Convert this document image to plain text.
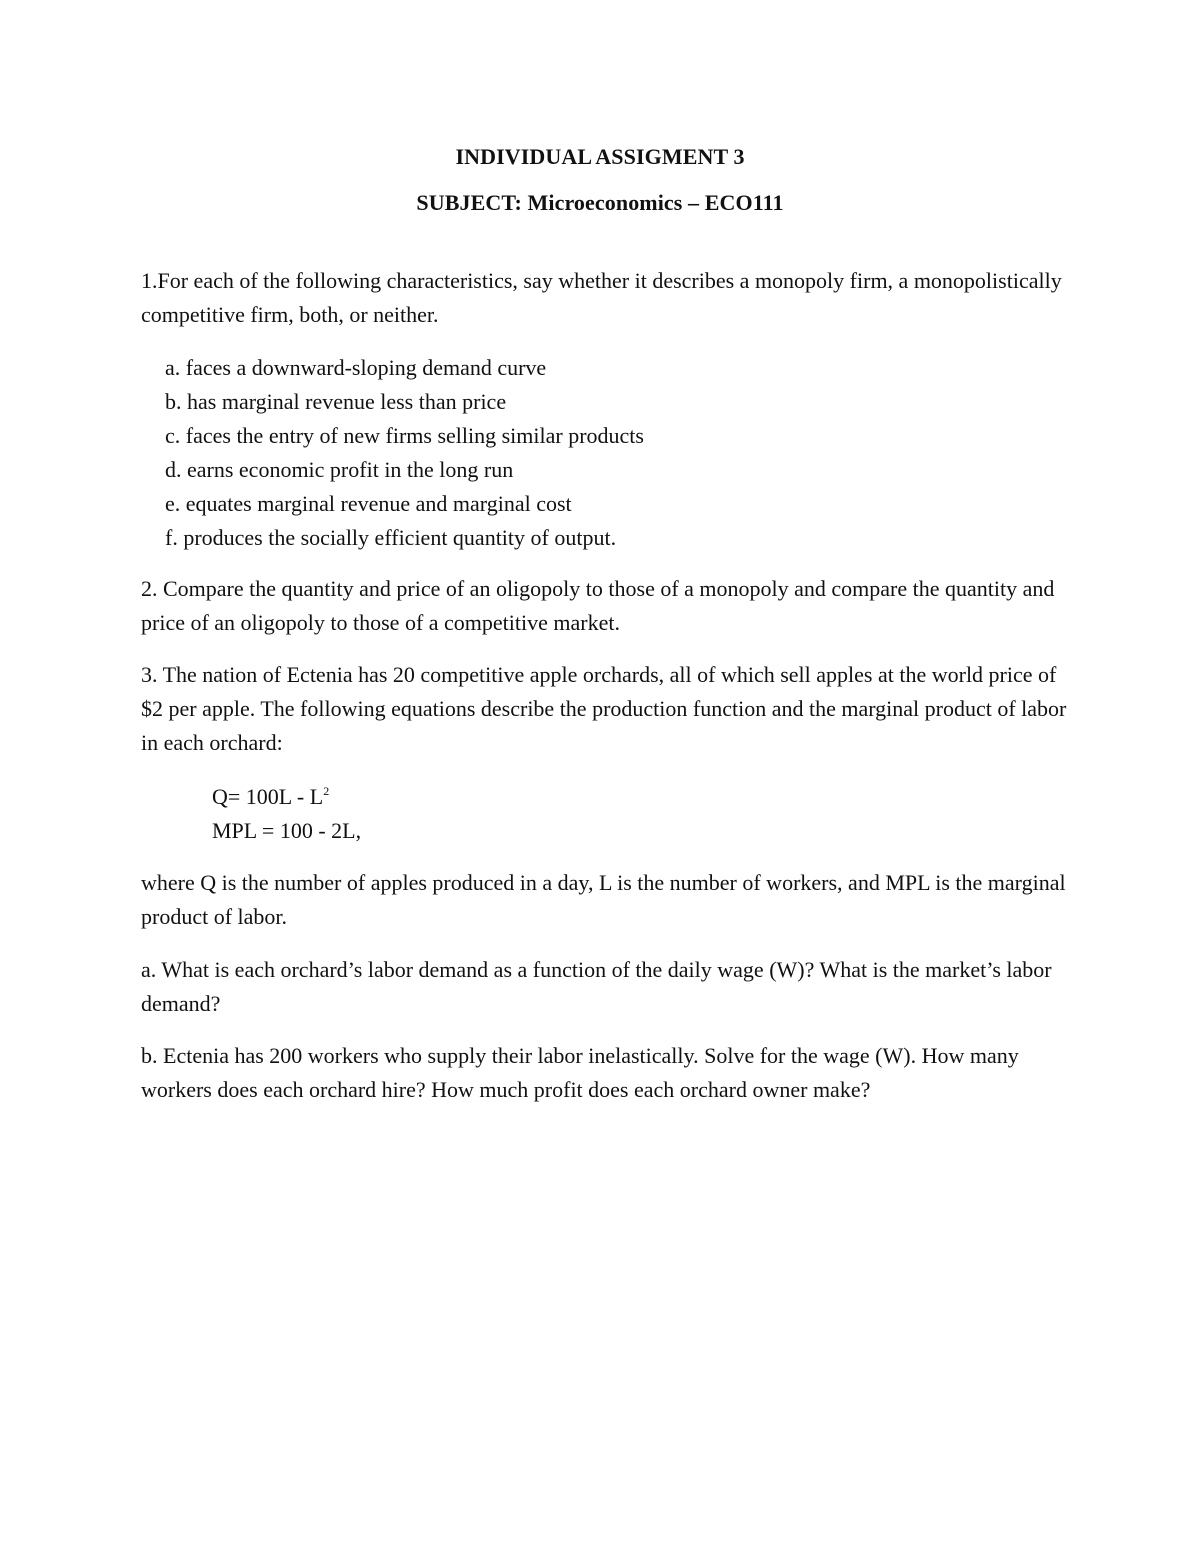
INDIVIDUAL ASSIGMENT 3
SUBJECT: Microeconomics – ECO111
1.For each of the following characteristics, say whether it describes a monopoly firm, a monopolistically competitive firm, both, or neither.
a. faces a downward-sloping demand curve
b. has marginal revenue less than price
c. faces the entry of new firms selling similar products
d. earns economic profit in the long run
e. equates marginal revenue and marginal cost
f. produces the socially efficient quantity of output.
2. Compare the quantity and price of an oligopoly to those of a monopoly and compare the quantity and price of an oligopoly to those of a competitive market.
3. The nation of Ectenia has 20 competitive apple orchards, all of which sell apples at the world price of $2 per apple. The following equations describe the production function and the marginal product of labor in each orchard:
$Q= 100L - L^2$
MPL = 100 - 2L,
where Q is the number of apples produced in a day, L is the number of workers, and MPL is the marginal product of labor.
a. What is each orchard’s labor demand as a function of the daily wage (W)? What is the market’s labor demand?
b. Ectenia has 200 workers who supply their labor inelastically. Solve for the wage (W). How many workers does each orchard hire? How much profit does each orchard owner make?
